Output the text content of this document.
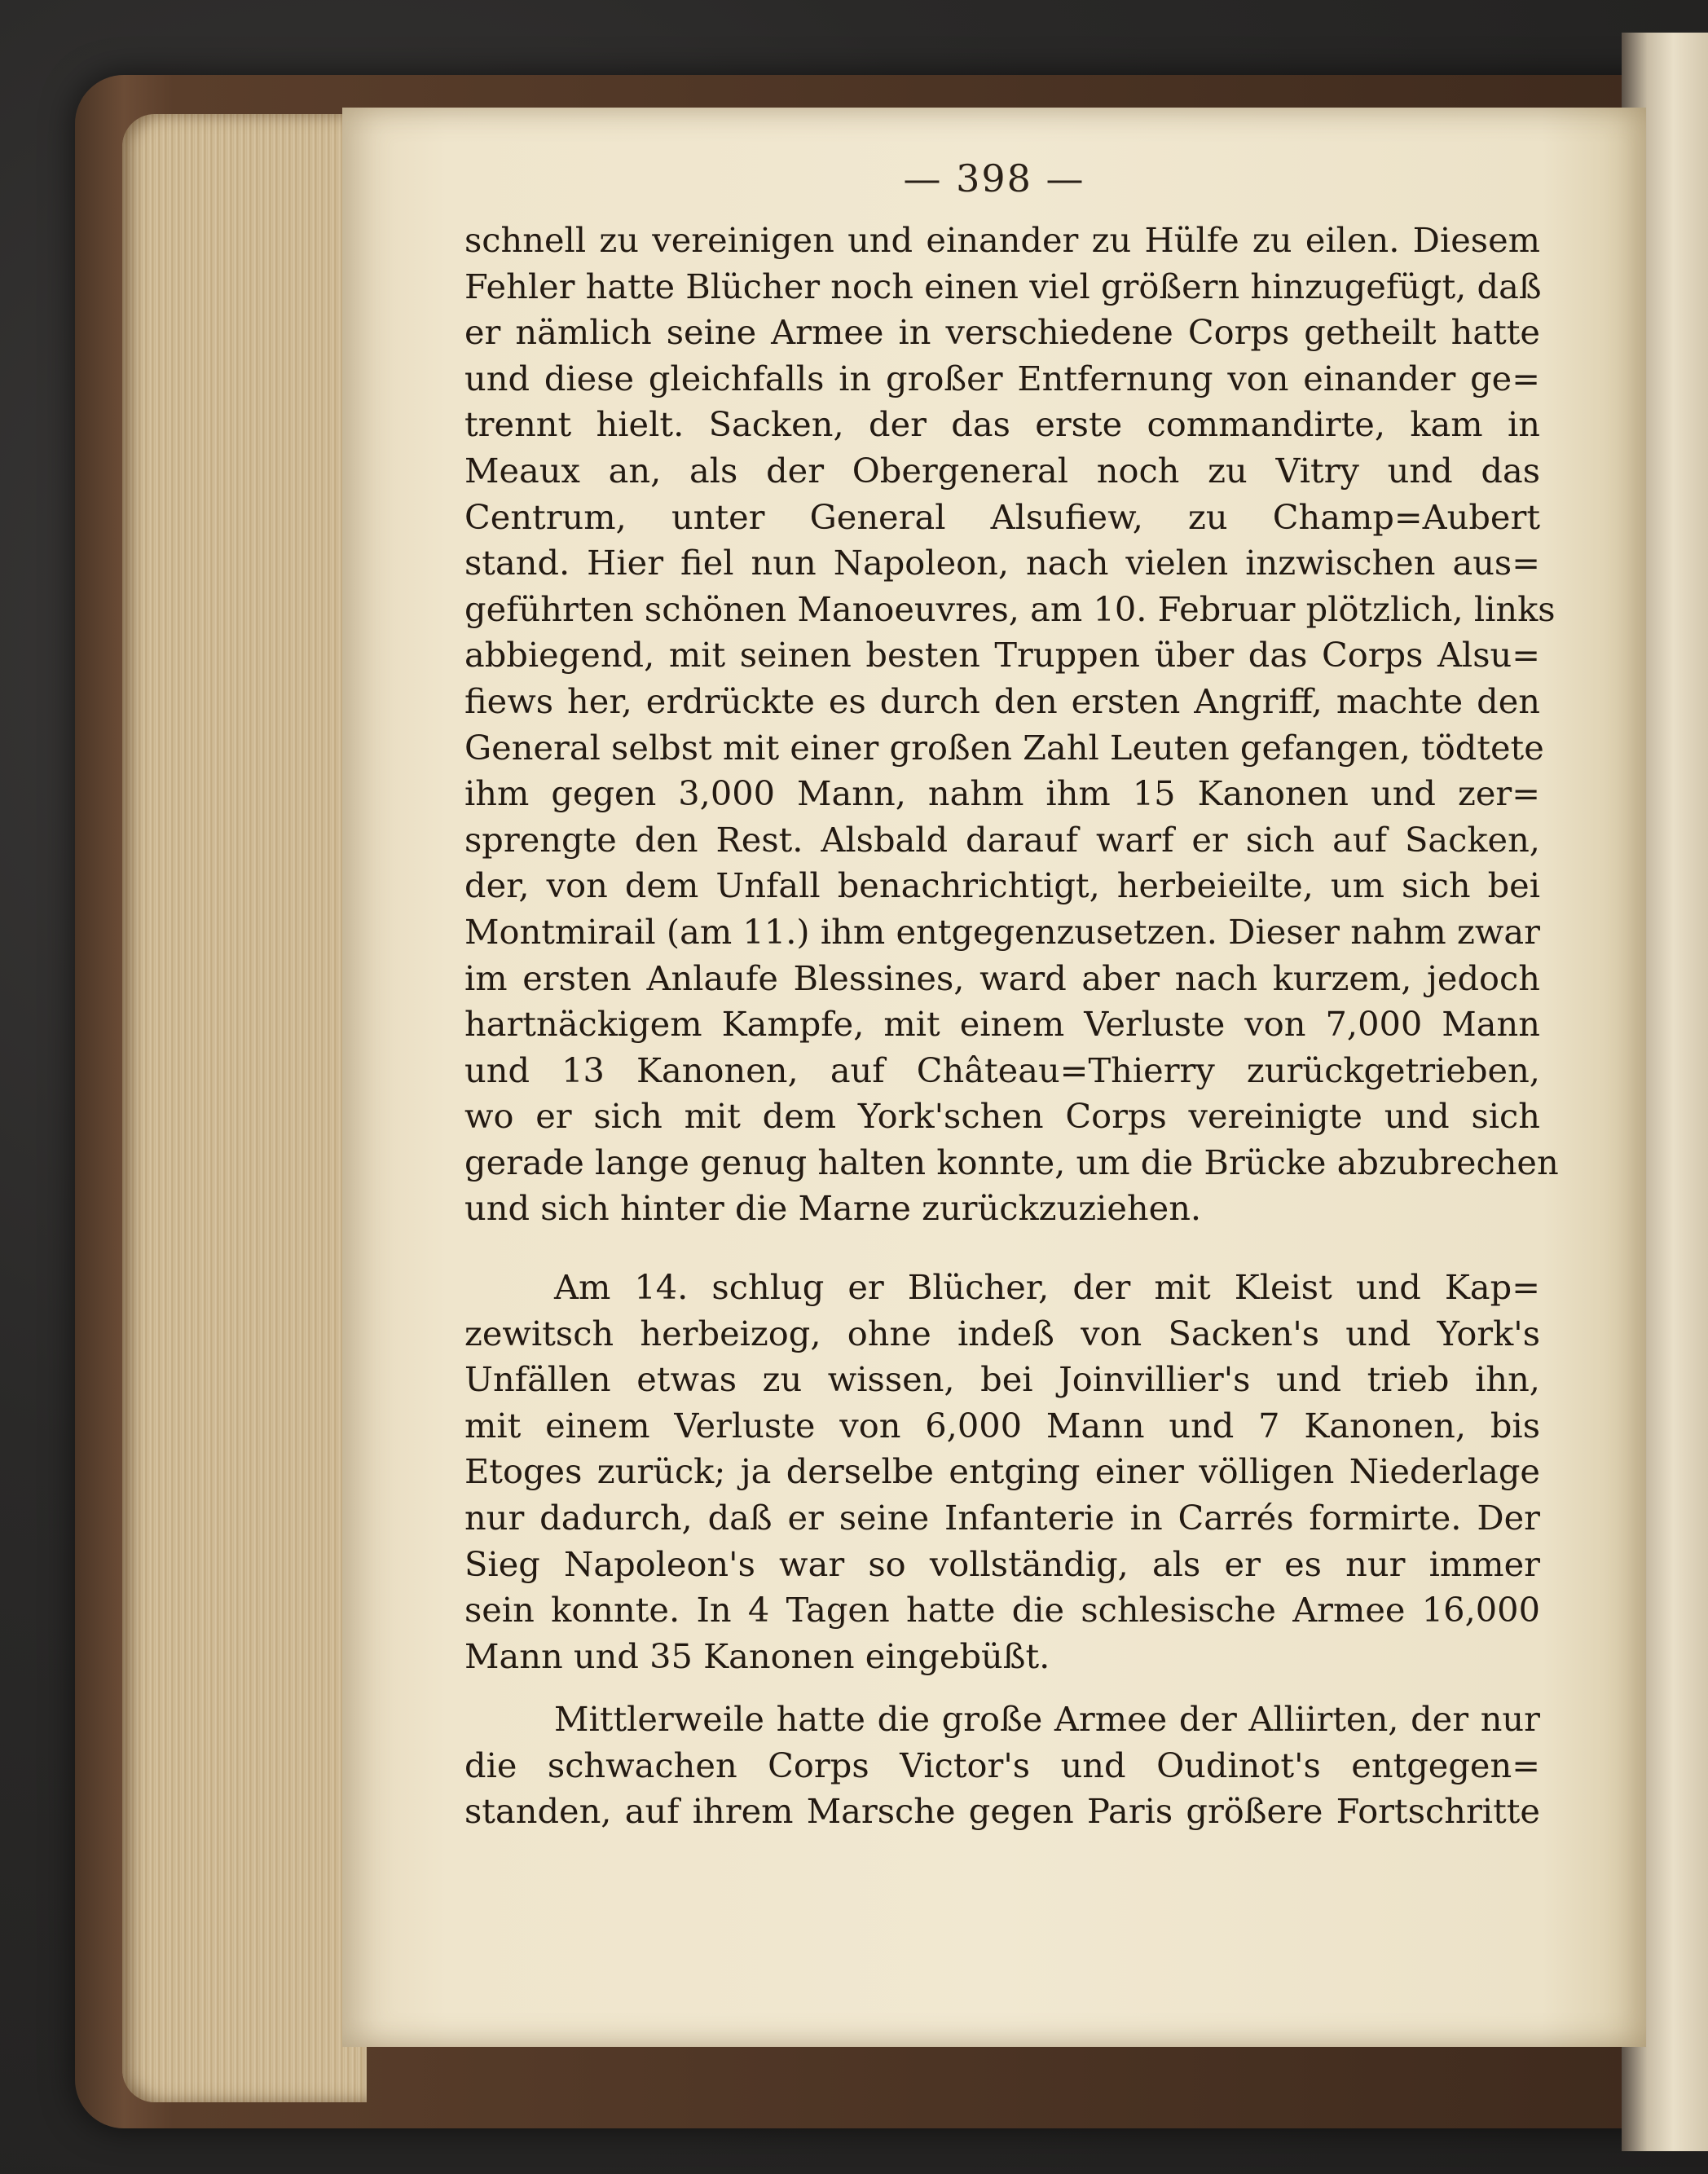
— 398 —
schnell zu vereinigen und einander zu Hülfe zu eilen. Diesem
Fehler hatte Blücher noch einen viel größern hinzugefügt, daß
er nämlich seine Armee in verschiedene Corps getheilt hatte
und diese gleichfalls in großer Entfernung von einander ge=
trennt hielt. Sacken, der das erste commandirte, kam in
Meaux an, als der Obergeneral noch zu Vitry und das
Centrum, unter General Alsufiew, zu Champ=Aubert
stand. Hier fiel nun Napoleon, nach vielen inzwischen aus=
geführten schönen Manoeuvres, am 10. Februar plötzlich, links
abbiegend, mit seinen besten Truppen über das Corps Alsu=
fiews her, erdrückte es durch den ersten Angriff, machte den
General selbst mit einer großen Zahl Leuten gefangen, tödtete
ihm gegen 3,000 Mann, nahm ihm 15 Kanonen und zer=
sprengte den Rest. Alsbald darauf warf er sich auf Sacken,
der, von dem Unfall benachrichtigt, herbeieilte, um sich bei
Montmirail (am 11.) ihm entgegenzusetzen. Dieser nahm zwar
im ersten Anlaufe Blessines, ward aber nach kurzem, jedoch
hartnäckigem Kampfe, mit einem Verluste von 7,000 Mann
und 13 Kanonen, auf Château=Thierry zurückgetrieben,
wo er sich mit dem York'schen Corps vereinigte und sich
gerade lange genug halten konnte, um die Brücke abzubrechen
und sich hinter die Marne zurückzuziehen.
Am 14. schlug er Blücher, der mit Kleist und Kap=
zewitsch herbeizog, ohne indeß von Sacken's und York's
Unfällen etwas zu wissen, bei Joinvillier's und trieb ihn,
mit einem Verluste von 6,000 Mann und 7 Kanonen, bis
Etoges zurück; ja derselbe entging einer völligen Niederlage
nur dadurch, daß er seine Infanterie in Carrés formirte. Der
Sieg Napoleon's war so vollständig, als er es nur immer
sein konnte. In 4 Tagen hatte die schlesische Armee 16,000
Mann und 35 Kanonen eingebüßt.
Mittlerweile hatte die große Armee der Alliirten, der nur
die schwachen Corps Victor's und Oudinot's entgegen=
standen, auf ihrem Marsche gegen Paris größere Fortschritte
